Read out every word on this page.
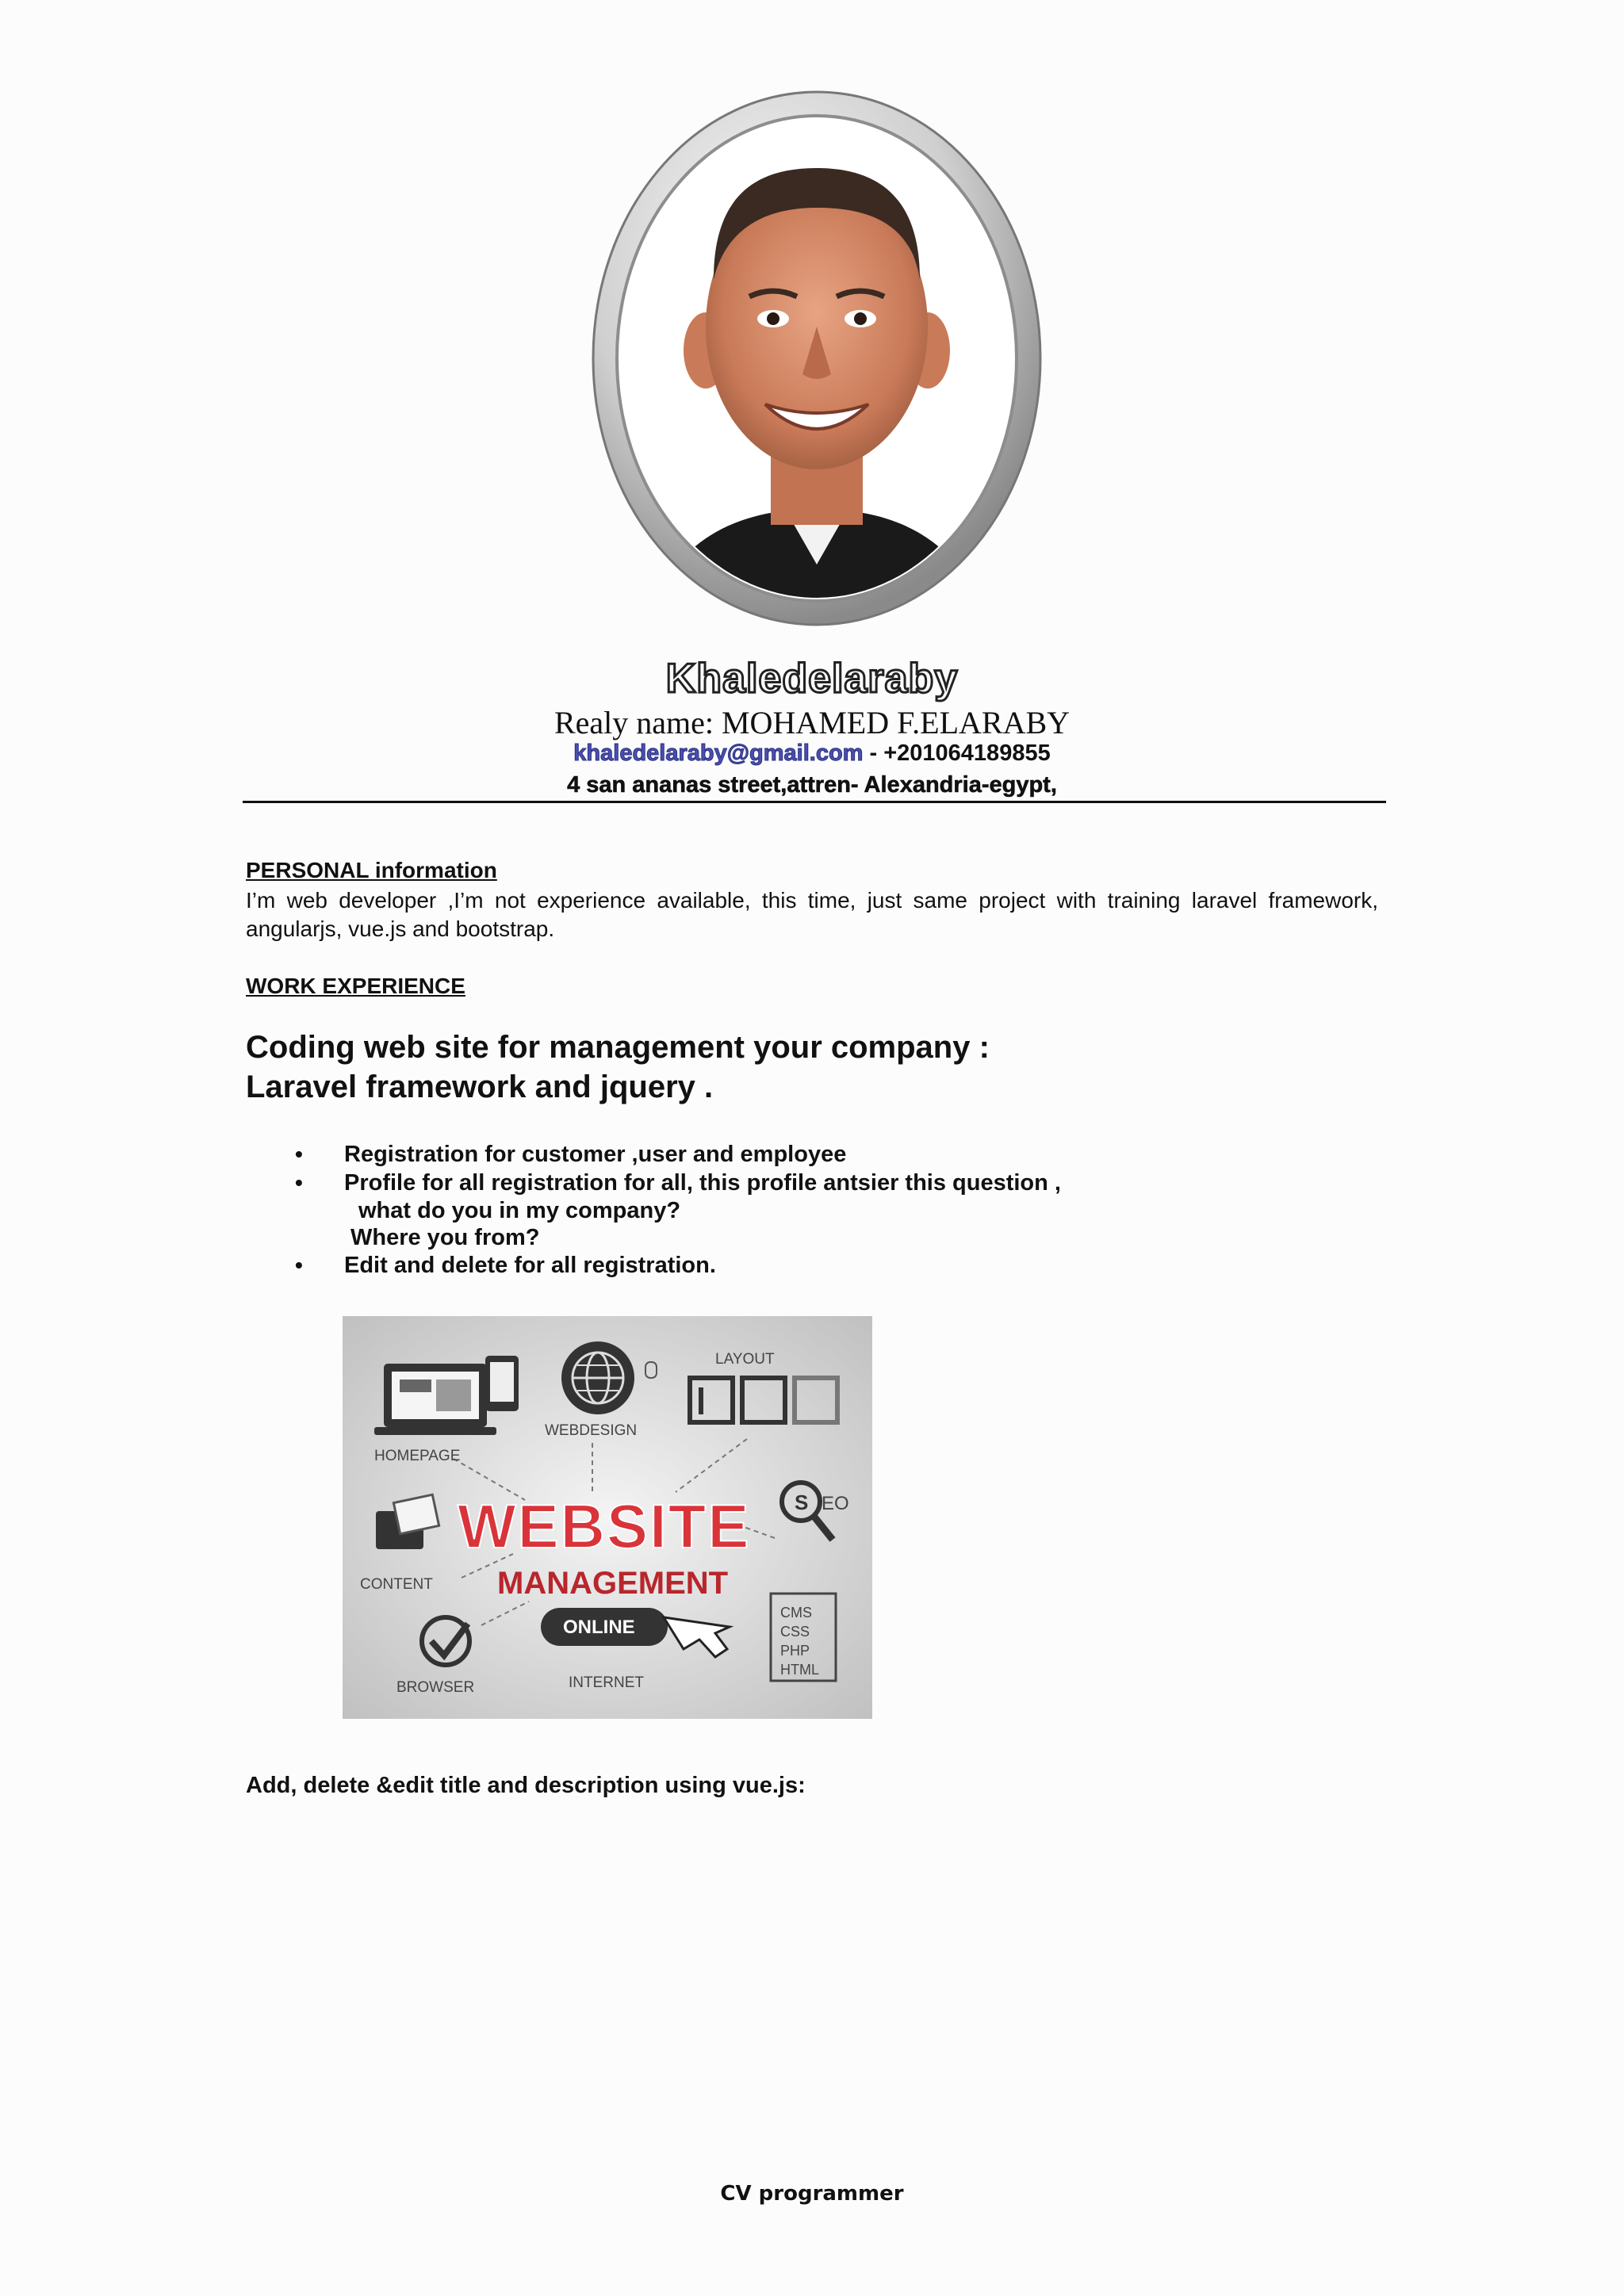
Khaledelaraby
Realy name: MOHAMED F.ELARABY
khaledelaraby@gmail.com - +201064189855
4 san ananas street,attren- Alexandria-egypt,
PERSONAL information
I’m web developer ,I’m not experience available, this time, just same project with training laravel framework, angularjs, vue.js and bootstrap.
WORK EXPERIENCE
Coding web site for management your company :
Laravel framework and jquery .
• Registration for customer ,user and employee
• Profile for all registration for all, this profile antsier this question ,
what do you in my company?
Where you from?
• Edit and delete for all registration.
HOMEPAGE
WEBDESIGN
LAYOUT
WEBSITE
MANAGEMENT
S EO
CONTENT
ONLINE
BROWSER	INTERNET
CMS
CSS
PHP
HTML
Add, delete &edit title and description using vue.js:
CV programmer
